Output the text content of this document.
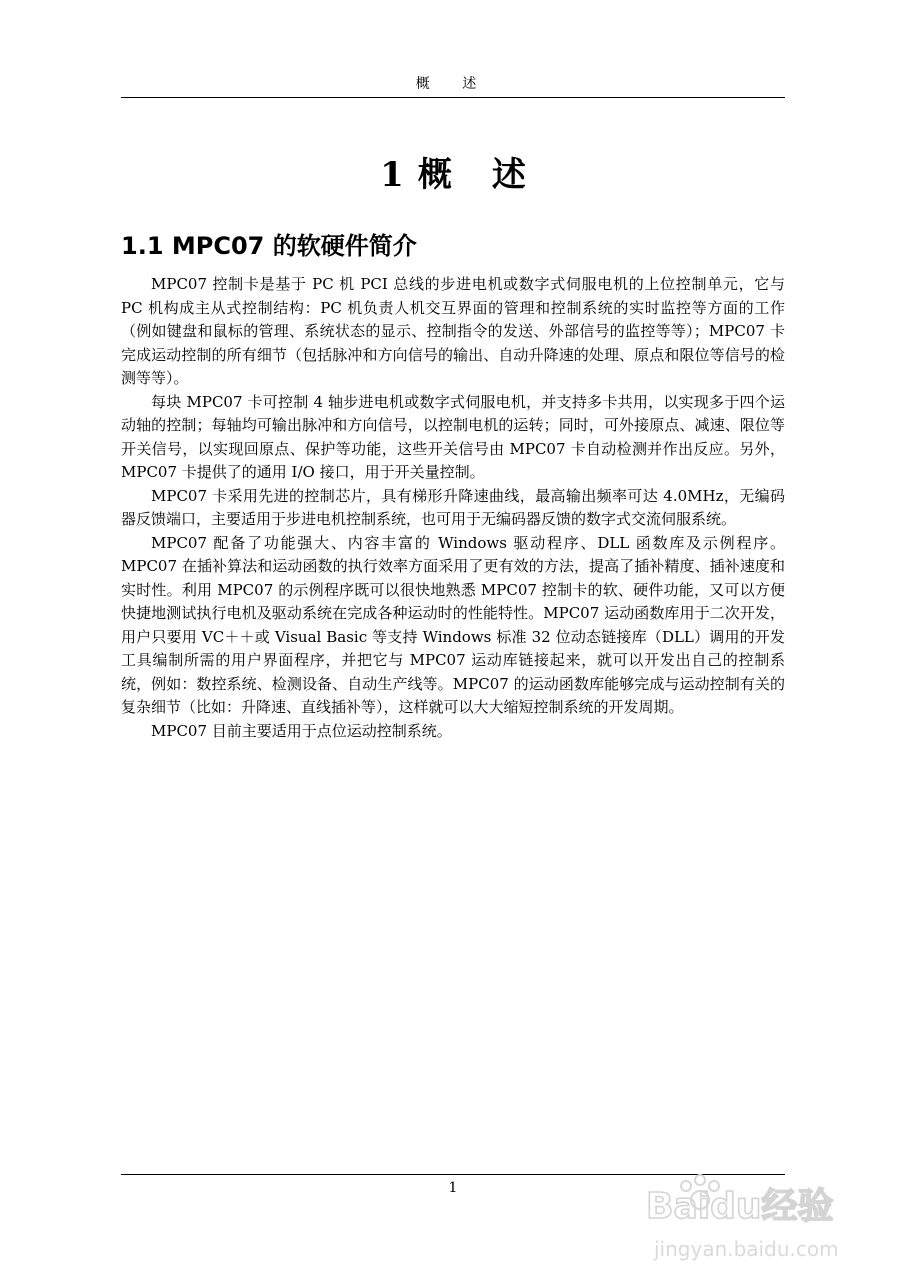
概 述
1 概 述
1.1 MPC07 的软硬件简介

MPC07 控制卡是基于 PC 机 PCI 总线的步进电机或数字式伺服电机的上位控制单元，它与 PC 机构成主从式控制结构：PC 机负责人机交互界面的管理和控制系统的实时监控等方面的工作（例如键盘和鼠标的管理、系统状态的显示、控制指令的发送、外部信号的监控等等）；MPC07 卡完成运动控制的所有细节（包括脉冲和方向信号的输出、自动升降速的处理、原点和限位等信号的检测等等）。

每块 MPC07 卡可控制 4 轴步进电机或数字式伺服电机，并支持多卡共用，以实现多于四个运动轴的控制；每轴均可输出脉冲和方向信号，以控制电机的运转；同时，可外接原点、减速、限位等开关信号，以实现回原点、保护等功能，这些开关信号由 MPC07 卡自动检测并作出反应。另外，MPC07 卡提供了的通用 I/O 接口，用于开关量控制。

MPC07 卡采用先进的控制芯片，具有梯形升降速曲线，最高输出频率可达 4.0MHz，无编码器反馈端口，主要适用于步进电机控制系统，也可用于无编码器反馈的数字式交流伺服系统。

MPC07 配备了功能强大、内容丰富的 Windows 驱动程序、DLL 函数库及示例程序。MPC07 在插补算法和运动函数的执行效率方面采用了更有效的方法，提高了插补精度、插补速度和实时性。利用 MPC07 的示例程序既可以很快地熟悉 MPC07 控制卡的软、硬件功能，又可以方便快捷地测试执行电机及驱动系统在完成各种运动时的性能特性。MPC07 运动函数库用于二次开发，用户只要用 VC＋＋或 Visual Basic 等支持 Windows 标准 32 位动态链接库（DLL）调用的开发工具编制所需的用户界面程序，并把它与 MPC07 运动库链接起来，就可以开发出自己的控制系统，例如：数控系统、检测设备、自动生产线等。MPC07 的运动函数库能够完成与运动控制有关的复杂细节（比如：升降速、直线插补等），这样就可以大大缩短控制系统的开发周期。

MPC07 目前主要适用于点位运动控制系统。

1	Baidu经验
jingyan.baidu.com
